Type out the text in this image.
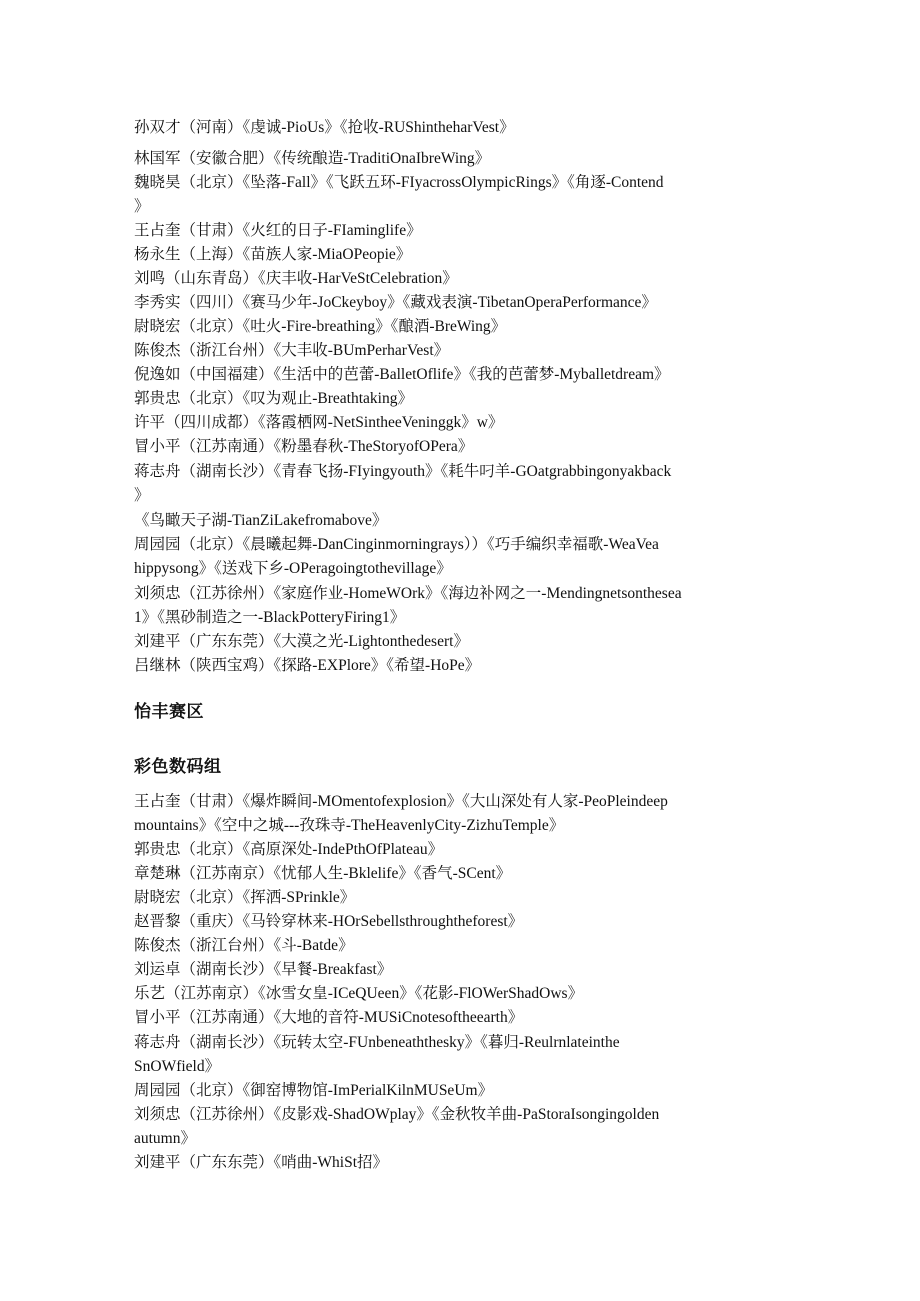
孙双才（河南）《虔诚-PioUs》《抢收-RUShintheharVest》
林国军（安徽合肥）《传统酿造-TraditiOnaIbreWing》
魏晓昊（北京）《坠落-Fall》《飞跃五环-FIyacrossOlympicRings》《角逐-Contend
》
王占奎（甘肃）《火红的日子-FIaminglife》
杨永生（上海）《苗族人家-MiaOPeopie》
刘鸣（山东青岛）《庆丰收-HarVeStCelebration》
李秀实（四川）《赛马少年-JoCkeyboy》《藏戏表演-TibetanOperaPerformance》
尉晓宏（北京）《吐火-Fire-breathing》《酿酒-BreWing》
陈俊杰（浙江台州）《大丰收-BUmPerharVest》
倪逸如（中国福建）《生活中的芭蕾-BalletOflife》《我的芭蕾梦-Myballetdream》
郭贵忠（北京）《叹为观止-Breathtaking》
许平（四川成都）《落霞栖网-NetSintheeVeninggk》w》
冒小平（江苏南通）《粉墨春秋-TheStoryofOPera》
蒋志舟（湖南长沙）《青春飞扬-FIyingyouth》《耗牛叼羊-GOatgrabbingonyakback
》
《鸟瞰天子湖-TianZiLakefromabove》
周园园（北京）《晨曦起舞-DanCinginmorningrays））《巧手编织幸福歌-WeaVea
hippysong》《送戏下乡-OPeragoingtothevillage》
刘须忠（江苏徐州）《家庭作业-HomeWOrk》《海边补网之一-Mendingnetsonthesea
1》《黑砂制造之一-BlackPotteryFiring1》
刘建平（广东东莞）《大漠之光-Lightonthedesert》
吕继林（陕西宝鸡）《探路-EXPlore》《希望-HoPe》
怡丰赛区
彩色数码组
王占奎（甘肃）《爆炸瞬间-MOmentofexplosion》《大山深处有人家-PeoPleindeep
mountains》《空中之城---孜珠寺-TheHeavenlyCity-ZizhuTemple》
郭贵忠（北京）《高原深处-IndePthOfPlateau》
章楚琳（江苏南京）《忧郁人生-Bklelife》《香气-SCent》
尉晓宏（北京）《挥洒-SPrinkle》
赵晋黎（重庆）《马铃穿林来-HOrSebellsthroughtheforest》
陈俊杰（浙江台州）《斗-Batde》
刘运卓（湖南长沙）《早餐-Breakfast》
乐艺（江苏南京）《冰雪女皇-ICeQUeen》《花影-FlOWerShadOws》
冒小平（江苏南通）《大地的音符-MUSiCnotesoftheearth》
蒋志舟（湖南长沙）《玩转太空-FUnbeneaththesky》《暮归-Reulrnlateinthe
SnOWfield》
周园园（北京）《御窑博物馆-ImPerialKilnMUSeUm》
刘须忠（江苏徐州）《皮影戏-ShadOWplay》《金秋牧羊曲-PaStoraIsongingolden
autumn》
刘建平（广东东莞）《哨曲-WhiSt招》
